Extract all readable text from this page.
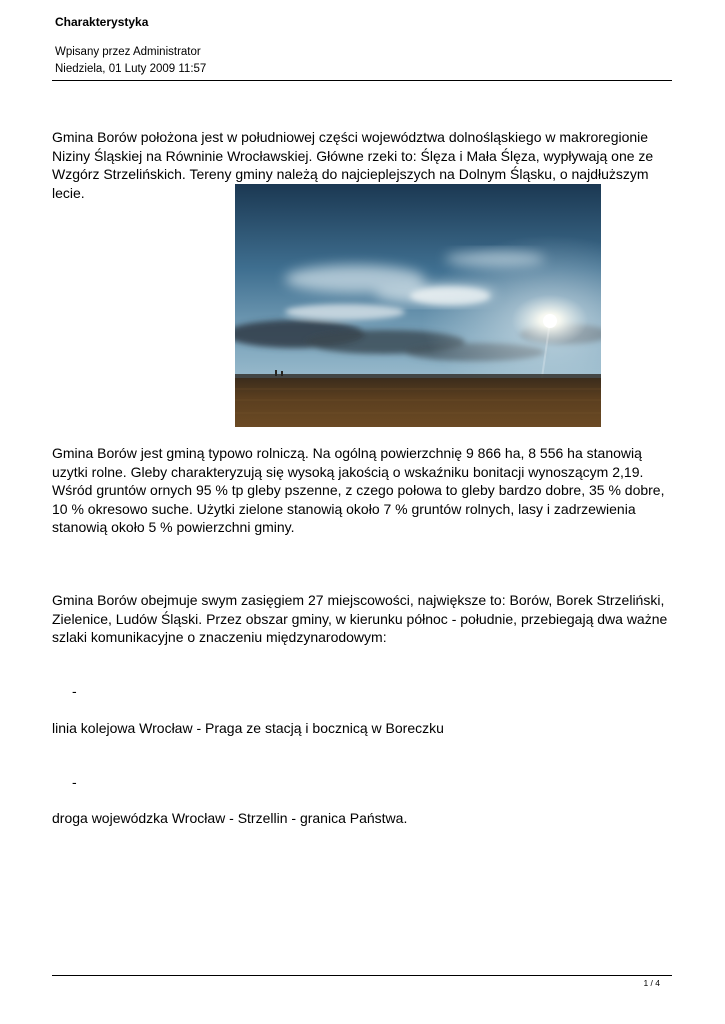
Charakterystyka
Wpisany przez Administrator
Niedziela, 01 Luty 2009 11:57
Gmina Borów położona jest w południowej części województwa dolnośląskiego w makroregionie Niziny Śląskiej na Równinie Wrocławskiej. Główne rzeki to: Ślęza i Mała Ślęza, wypływają one ze Wzgórz Strzelińskich. Tereny gminy należą do najcieplejszych na Dolnym Śląsku, o najdłuższym lecie.
Gmina Borów jest gminą typowo rolniczą. Na ogólną powierzchnię 9 866 ha, 8 556 ha stanowią uzytki rolne. Gleby charakteryzują się wysoką jakością o wskaźniku bonitacji wynoszącym 2,19. Wśród gruntów ornych 95 % tp gleby pszenne, z czego połowa to gleby bardzo dobre, 35 % dobre, 10 % okresowo suche. Użytki zielone stanowią około 7 % gruntów rolnych, lasy i zadrzewienia stanowią około 5 % powierzchni gminy.
Gmina Borów obejmuje swym zasięgiem 27 miejscowości, największe to: Borów, Borek Strzeliński, Zielenice, Ludów Śląski. Przez obszar gminy, w kierunku północ - południe, przebiegają dwa ważne szlaki komunikacyjne o znaczeniu międzynarodowym:
-
linia kolejowa Wrocław - Praga ze stacją i bocznicą w Boreczku
-
droga wojewódzka Wrocław - Strzellin - granica Państwa.
1 / 4
